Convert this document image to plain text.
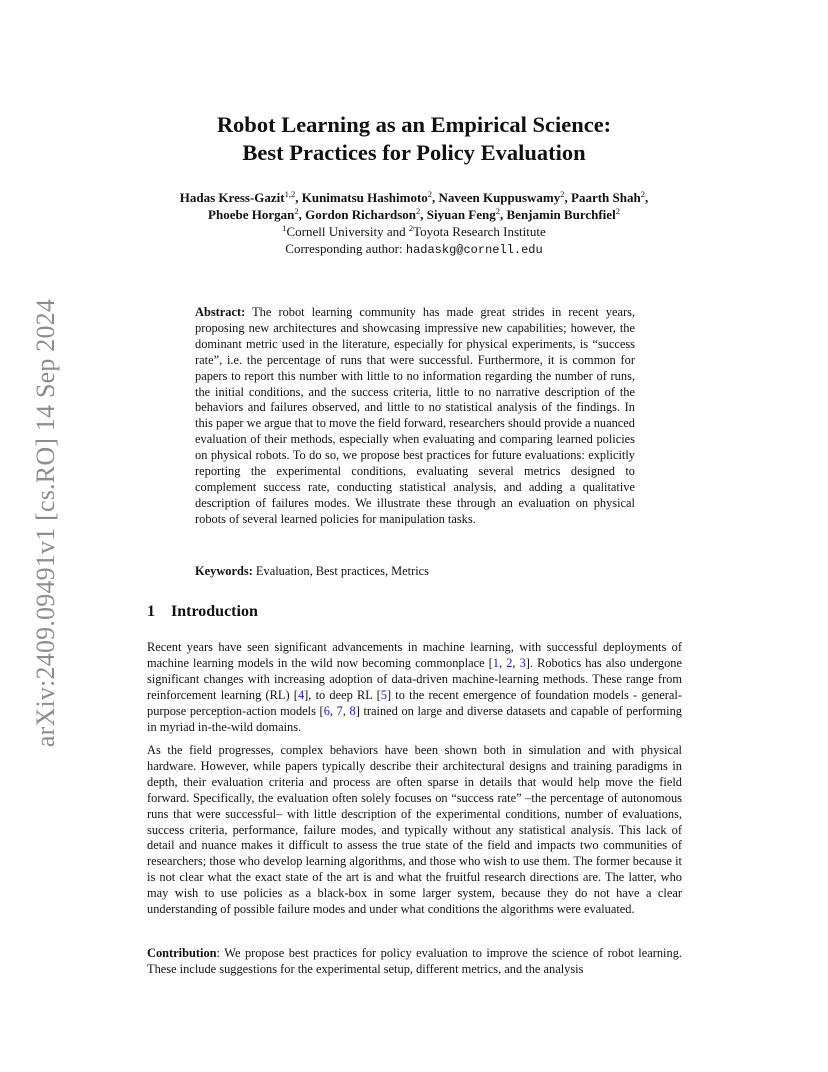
arXiv:2409.09491v1 [cs.RO] 14 Sep 2024
Robot Learning as an Empirical Science:
Best Practices for Policy Evaluation
Hadas Kress-Gazit$^{1,2}$, Kunimatsu Hashimoto$^2$, Naveen Kuppuswamy$^2$, Paarth Shah$^2$,
Phoebe Horgan$^2$, Gordon Richardson$^2$, Siyuan Feng$^2$, Benjamin Burchfiel$^2$
$^1$Cornell University and $^2$Toyota Research Institute
Corresponding author: hadaskg@cornell.edu
Abstract: The robot learning community has made great strides in recent years, proposing new architectures and showcasing impressive new capabilities; however, the dominant metric used in the literature, especially for physical experiments, is “success rate”, i.e. the percentage of runs that were successful. Furthermore, it is common for papers to report this number with little to no information regarding the number of runs, the initial conditions, and the success criteria, little to no narrative description of the behaviors and failures observed, and little to no statistical analysis of the findings. In this paper we argue that to move the field forward, researchers should provide a nuanced evaluation of their methods, especially when evaluating and comparing learned policies on physical robots. To do so, we propose best practices for future evaluations: explicitly reporting the experimental conditions, evaluating several metrics designed to complement success rate, conducting statistical analysis, and adding a qualitative description of failures modes. We illustrate these through an evaluation on physical robots of several learned policies for manipulation tasks.
Keywords: Evaluation, Best practices, Metrics
1 Introduction

Recent years have seen significant advancements in machine learning, with successful deployments of machine learning models in the wild now becoming commonplace [1, 2, 3]. Robotics has also undergone significant changes with increasing adoption of data-driven machine-learning methods. These range from reinforcement learning (RL) [4], to deep RL [5] to the recent emergence of foundation models - general-purpose perception-action models [6, 7, 8] trained on large and diverse datasets and capable of performing in myriad in-the-wild domains.

As the field progresses, complex behaviors have been shown both in simulation and with physical hardware. However, while papers typically describe their architectural designs and training paradigms in depth, their evaluation criteria and process are often sparse in details that would help move the field forward. Specifically, the evaluation often solely focuses on “success rate” –the percentage of autonomous runs that were successful– with little description of the experimental conditions, number of evaluations, success criteria, performance, failure modes, and typically without any statistical analysis. This lack of detail and nuance makes it difficult to assess the true state of the field and impacts two communities of researchers; those who develop learning algorithms, and those who wish to use them. The former because it is not clear what the exact state of the art is and what the fruitful research directions are. The latter, who may wish to use policies as a black-box in some larger system, because they do not have a clear understanding of possible failure modes and under what conditions the algorithms were evaluated.

Contribution: We propose best practices for policy evaluation to improve the science of robot learning. These include suggestions for the experimental setup, different metrics, and the analysis
